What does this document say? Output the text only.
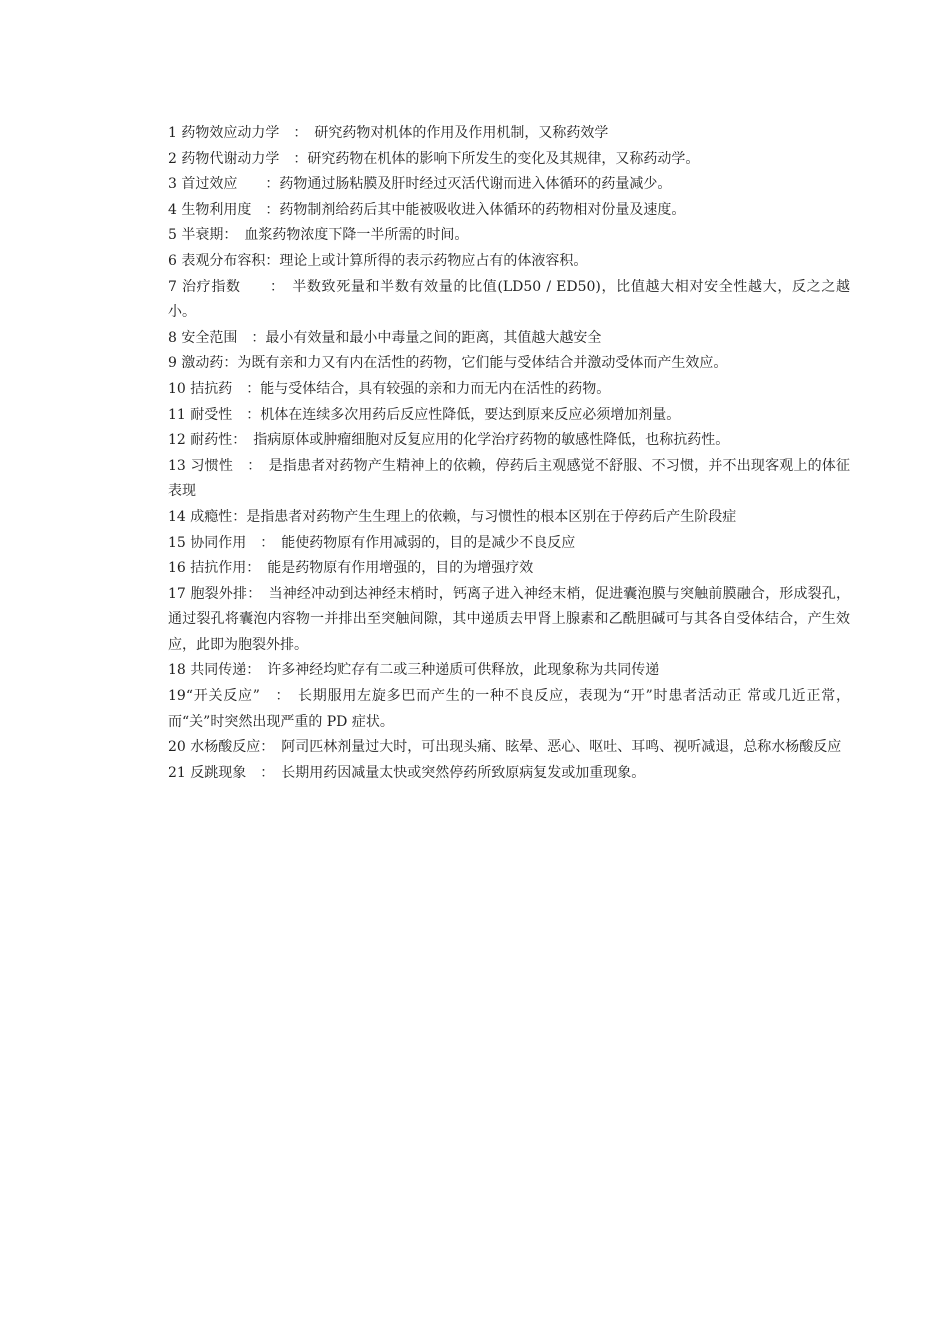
1 药物效应动力学　：　研究药物对机体的作用及作用机制，又称药效学

2 药物代谢动力学　：研究药物在机体的影响下所发生的变化及其规律，又称药动学。

3 首过效应　　：药物通过肠粘膜及肝时经过灭活代谢而进入体循环的药量减少。

4 生物利用度　：药物制剂给药后其中能被吸收进入体循环的药物相对份量及速度。

5 半衰期：　血浆药物浓度下降一半所需的时间。

6 表观分布容积：理论上或计算所得的表示药物应占有的体液容积。

7 治疗指数　　：　半数致死量和半数有效量的比值(LD50 / ED50)，比值越大相对安全性越大，反之之越小。

8 安全范围　：最小有效量和最小中毒量之间的距离，其值越大越安全

9 激动药：为既有亲和力又有内在活性的药物，它们能与受体结合并激动受体而产生效应。

10 拮抗药　：能与受体结合，具有较强的亲和力而无内在活性的药物。

11 耐受性　：机体在连续多次用药后反应性降低，要达到原来反应必须增加剂量。

12 耐药性：　指病原体或肿瘤细胞对反复应用的化学治疗药物的敏感性降低，也称抗药性。

13 习惯性　：　是指患者对药物产生精神上的依赖，停药后主观感觉不舒服、不习惯，并不出现客观上的体征表现

14 成瘾性：是指患者对药物产生生理上的依赖，与习惯性的根本区别在于停药后产生阶段症

15 协同作用　：　能使药物原有作用减弱的，目的是减少不良反应

16 拮抗作用：　能是药物原有作用增强的，目的为增强疗效

17 胞裂外排：　当神经冲动到达神经末梢时，钙离子进入神经末梢，促进囊泡膜与突触前膜融合，形成裂孔，通过裂孔将囊泡内容物一并排出至突触间隙，其中递质去甲肾上腺素和乙酰胆碱可与其各自受体结合，产生效应，此即为胞裂外排。

18 共同传递：　许多神经均贮存有二或三种递质可供释放，此现象称为共同传递

19“开关反应”　：　长期服用左旋多巴而产生的一种不良反应，表现为“开”时患者活动正 常或几近正常，而“关”时突然出现严重的 PD 症状。

20 水杨酸反应：　阿司匹林剂量过大时，可出现头痛、眩晕、恶心、呕吐、耳鸣、视听减退，总称水杨酸反应

21 反跳现象　：　长期用药因减量太快或突然停药所致原病复发或加重现象。
